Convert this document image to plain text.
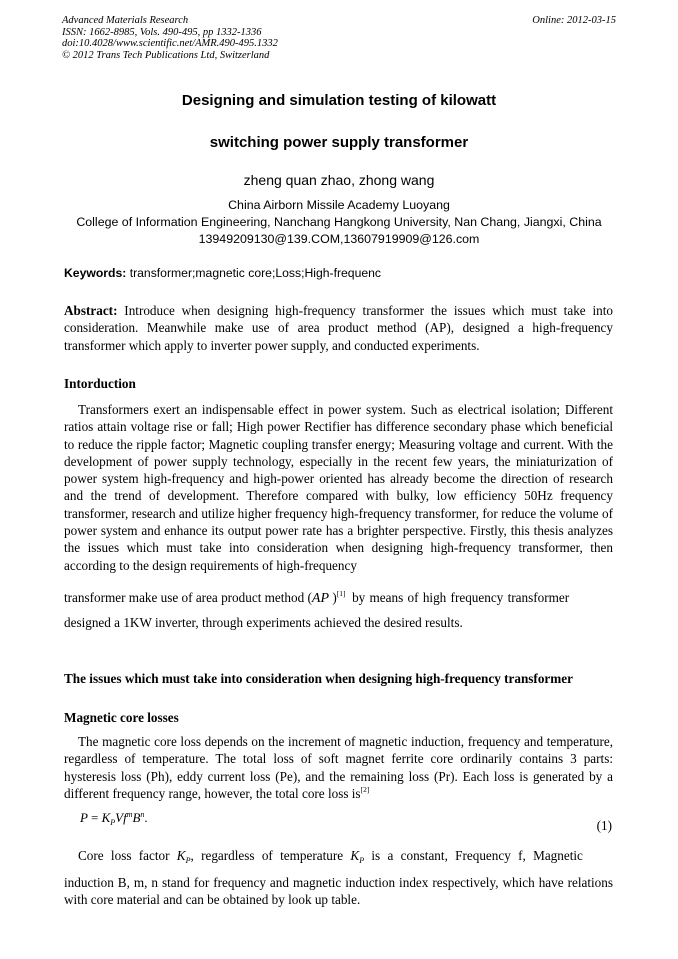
Advanced Materials Research
ISSN: 1662-8985, Vols. 490-495, pp 1332-1336
doi:10.4028/www.scientific.net/AMR.490-495.1332
© 2012 Trans Tech Publications Ltd, Switzerland
Online: 2012-03-15
Designing and simulation testing of kilowatt
switching power supply transformer
zheng quan zhao, zhong wang
China Airborn Missile Academy Luoyang
College of Information Engineering, Nanchang Hangkong University, Nan Chang, Jiangxi, China
13949209130@139.COM,13607919909@126.com
Keywords: transformer;magnetic core;Loss;High-frequenc
Abstract: Introduce when designing high-frequency transformer the issues which must take into consideration. Meanwhile make use of area product method (AP), designed a high-frequency transformer which apply to inverter power supply, and conducted experiments.
Intorduction
Transformers exert an indispensable effect in power system. Such as electrical isolation; Different ratios attain voltage rise or fall; High power Rectifier has difference secondary phase which beneficial to reduce the ripple factor; Magnetic coupling transfer energy; Measuring voltage and current. With the development of power supply technology, especially in the recent few years, the miniaturization of power system high-frequency and high-power oriented has already become the direction of research and the trend of development. Therefore compared with bulky, low efficiency 50Hz frequency transformer, research and utilize higher frequency high-frequency transformer, for reduce the volume of power system and enhance its output power rate has a brighter perspective. Firstly, this thesis analyzes the issues which must take into consideration when designing high-frequency transformer, then according to the design requirements of high-frequency
transformer make use of area product method (AP )[1] by means of high frequency transformer
designed a 1KW inverter, through experiments achieved the desired results.
The issues which must take into consideration when designing high-frequency transformer
Magnetic core losses
The magnetic core loss depends on the increment of magnetic induction, frequency and temperature, regardless of temperature. The total loss of soft magnet ferrite core ordinarily contains 3 parts: hysteresis loss (Ph), eddy current loss (Pe), and the remaining loss (Pr). Each loss is generated by a different frequency range, however, the total core loss is[2]
$P = K_PVf^mB^n$.
(1)
Core loss factor $K_P$, regardless of temperature $K_P$ is a constant, Frequency f, Magnetic
induction B, m, n stand for frequency and magnetic induction index respectively, which have relations with core material and can be obtained by look up table.
